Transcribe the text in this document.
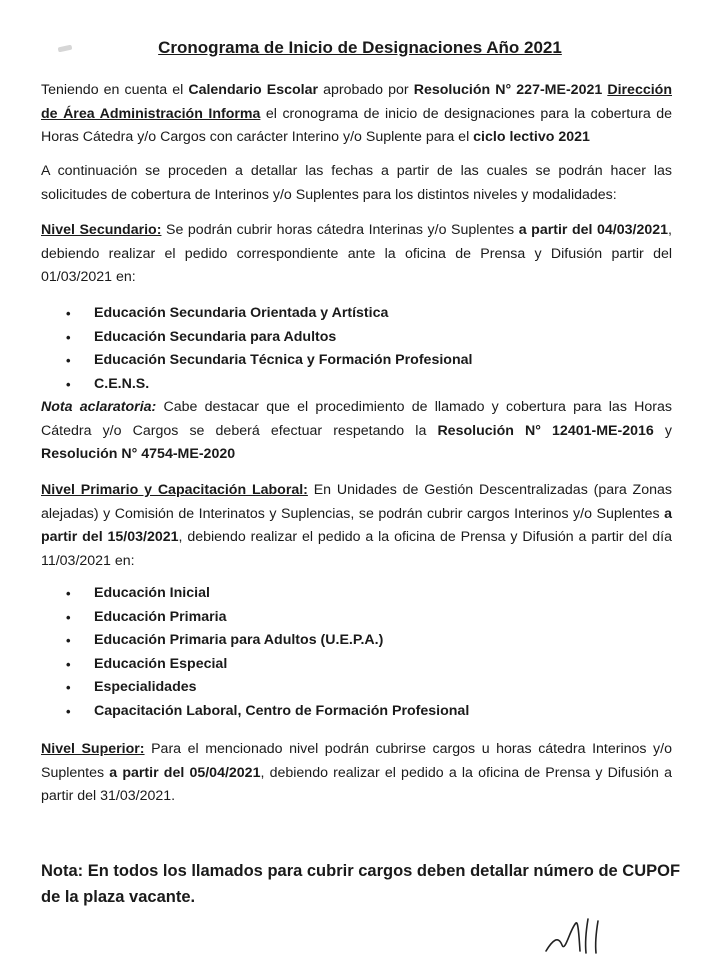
Cronograma de Inicio de Designaciones Año 2021
Teniendo en cuenta el Calendario Escolar aprobado por Resolución N° 227-ME-2021 Dirección de Área Administración Informa el cronograma de inicio de designaciones para la cobertura de Horas Cátedra y/o Cargos con carácter Interino y/o Suplente para el ciclo lectivo 2021
A continuación se proceden a detallar las fechas a partir de las cuales se podrán hacer las solicitudes de cobertura de Interinos y/o Suplentes para los distintos niveles y modalidades:
Nivel Secundario: Se podrán cubrir horas cátedra Interinas y/o Suplentes a partir del 04/03/2021, debiendo realizar el pedido correspondiente ante la oficina de Prensa y Difusión partir del 01/03/2021 en:
• Educación Secundaria Orientada y Artística
• Educación Secundaria para Adultos
• Educación Secundaria Técnica y Formación Profesional
• C.E.N.S.
Nota aclaratoria: Cabe destacar que el procedimiento de llamado y cobertura para las Horas Cátedra y/o Cargos se deberá efectuar respetando la Resolución N° 12401-ME-2016 y Resolución N° 4754-ME-2020
Nivel Primario y Capacitación Laboral: En Unidades de Gestión Descentralizadas (para Zonas alejadas) y Comisión de Interinatos y Suplencias, se podrán cubrir cargos Interinos y/o Suplentes a partir del 15/03/2021, debiendo realizar el pedido a la oficina de Prensa y Difusión a partir del día 11/03/2021 en:
• Educación Inicial
• Educación Primaria
• Educación Primaria para Adultos (U.E.P.A.)
• Educación Especial
• Especialidades
• Capacitación Laboral, Centro de Formación Profesional
Nivel Superior: Para el mencionado nivel podrán cubrirse cargos u horas cátedra Interinos y/o Suplentes a partir del 05/04/2021, debiendo realizar el pedido a la oficina de Prensa y Difusión a partir del 31/03/2021.
Nota: En todos los llamados para cubrir cargos deben detallar número de CUPOF de la plaza vacante.
